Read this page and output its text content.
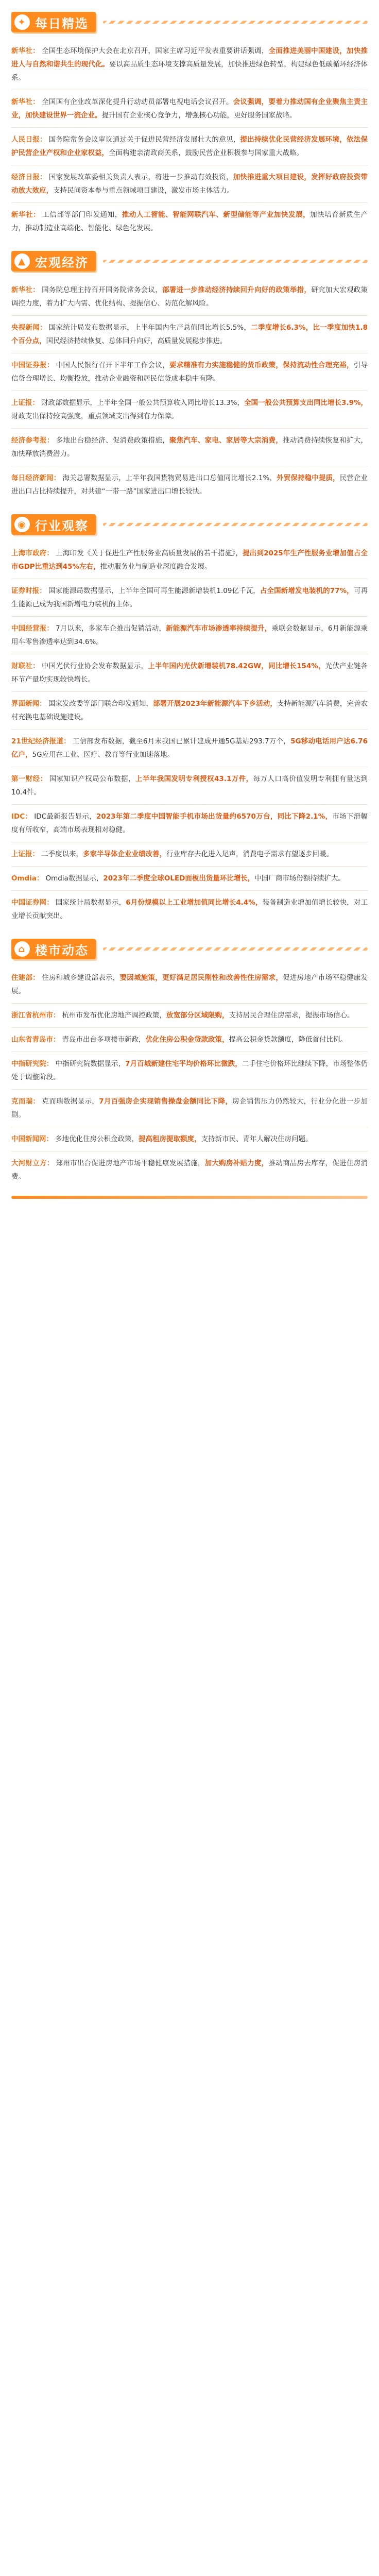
✦ 每日精选

新华社： 全国生态环境保护大会在北京召开，国家主席习近平发表重要讲话强调，全面推进美丽中国建设，加快推进人与自然和谐共生的现代化。要以高品质生态环境支撑高质量发展，加快推进绿色转型，构建绿色低碳循环经济体系。

新华社： 全国国有企业改革深化提升行动动员部署电视电话会议召开。会议强调，要着力推动国有企业聚焦主责主业，加快建设世界一流企业。提升国有企业核心竞争力，增强核心功能，更好服务国家战略。

人民日报： 国务院常务会议审议通过关于促进民营经济发展壮大的意见，提出持续优化民营经济发展环境，依法保护民营企业产权和企业家权益，全面构建亲清政商关系，鼓励民营企业积极参与国家重大战略。

经济日报： 国家发展改革委相关负责人表示，将进一步推动有效投资，加快推进重大项目建设，发挥好政府投资带动放大效应，支持民间资本参与重点领域项目建设，激发市场主体活力。

新华社： 工信部等部门印发通知，推动人工智能、智能网联汽车、新型储能等产业加快发展，加快培育新质生产力，推动制造业高端化、智能化、绿色化发展。

▲ 宏观经济

新华社： 国务院总理主持召开国务院常务会议，部署进一步推动经济持续回升向好的政策举措，研究加大宏观政策调控力度，着力扩大内需、优化结构、提振信心、防范化解风险。

央视新闻： 国家统计局发布数据显示，上半年国内生产总值同比增长5.5%，二季度增长6.3%，比一季度加快1.8个百分点，国民经济持续恢复、总体回升向好，高质量发展稳步推进。

中国证券报： 中国人民银行召开下半年工作会议，要求精准有力实施稳健的货币政策，保持流动性合理充裕，引导信贷合理增长、均衡投放，推动企业融资和居民信贷成本稳中有降。

上证报： 财政部数据显示，上半年全国一般公共预算收入同比增长13.3%，全国一般公共预算支出同比增长3.9%，财政支出保持较高强度，重点领域支出得到有力保障。

经济参考报： 多地出台稳经济、促消费政策措施，聚焦汽车、家电、家居等大宗消费，推动消费持续恢复和扩大，加快释放消费潜力。

每日经济新闻： 海关总署数据显示，上半年我国货物贸易进出口总值同比增长2.1%，外贸保持稳中提质，民营企业进出口占比持续提升，对共建“一带一路”国家进出口增长较快。

◉ 行业观察

上海市政府： 上海印发《关于促进生产性服务业高质量发展的若干措施》，提出到2025年生产性服务业增加值占全市GDP比重达到45%左右，推动服务业与制造业深度融合发展。

证券时报： 国家能源局数据显示，上半年全国可再生能源新增装机1.09亿千瓦，占全国新增发电装机的77%，可再生能源已成为我国新增电力装机的主体。

中国经营报： 7月以来，多家车企推出促销活动，新能源汽车市场渗透率持续提升，乘联会数据显示，6月新能源乘用车零售渗透率达到34.6%。

财联社： 中国光伏行业协会发布数据显示，上半年国内光伏新增装机78.42GW，同比增长154%，光伏产业链各环节产量均实现较快增长。

界面新闻： 国家发改委等部门联合印发通知，部署开展2023年新能源汽车下乡活动，支持新能源汽车消费，完善农村充换电基础设施建设。

21世纪经济报道： 工信部发布数据，截至6月末我国已累计建成开通5G基站293.7万个，5G移动电话用户达6.76亿户，5G应用在工业、医疗、教育等行业加速落地。

第一财经： 国家知识产权局公布数据，上半年我国发明专利授权43.1万件，每万人口高价值发明专利拥有量达到10.4件。

IDC： IDC最新报告显示，2023年第二季度中国智能手机市场出货量约6570万台，同比下降2.1%，市场下滑幅度有所收窄，高端市场表现相对稳健。

上证报： 二季度以来，多家半导体企业业绩改善，行业库存去化进入尾声，消费电子需求有望逐步回暖。

Omdia： Omdia数据显示，2023年二季度全球OLED面板出货量环比增长，中国厂商市场份额持续扩大。

中国证券网： 国家统计局数据显示，6月份规模以上工业增加值同比增长4.4%，装备制造业增加值增长较快，对工业增长贡献突出。

⌂ 楼市动态

住建部： 住房和城乡建设部表示，要因城施策，更好满足居民刚性和改善性住房需求，促进房地产市场平稳健康发展。

浙江省杭州市： 杭州市发布优化房地产调控政策，放宽部分区域限购，支持居民合理住房需求，提振市场信心。

山东省青岛市： 青岛市出台多项楼市新政，优化住房公积金贷款政策，提高公积金贷款额度，降低首付比例。

中指研究院： 中指研究院数据显示，7月百城新建住宅平均价格环比微跌，二手住宅价格环比继续下降，市场整体仍处于调整阶段。

克而瑞： 克而瑞数据显示，7月百强房企实现销售操盘金额同比下降，房企销售压力仍然较大，行业分化进一步加剧。

中国新闻网： 多地优化住房公积金政策，提高租房提取额度，支持新市民、青年人解决住房问题。

大河财立方： 郑州市出台促进房地产市场平稳健康发展措施，加大购房补贴力度，推动商品房去库存，促进住房消费。
